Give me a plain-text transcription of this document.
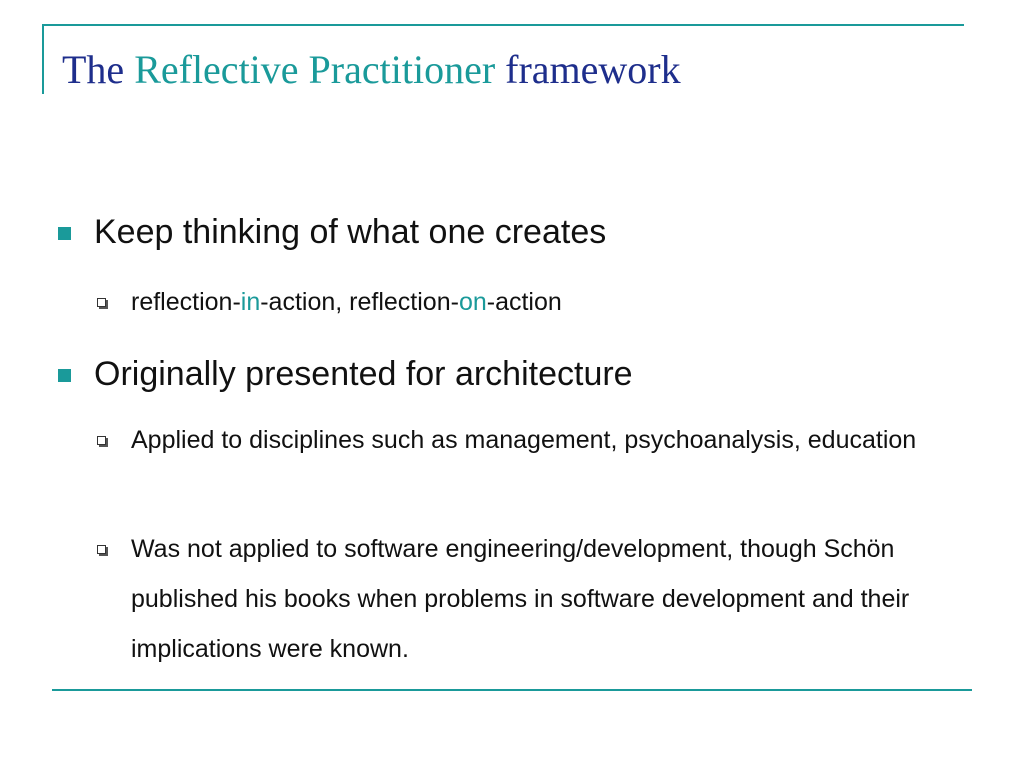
The Reflective Practitioner framework
Keep thinking of what one creates
reflection-in-action, reflection-on-action
Originally presented for architecture
Applied to disciplines such as management, psychoanalysis, education
Was not applied to software engineering/development, though Schön published his books when problems in software development and their implications were known.
